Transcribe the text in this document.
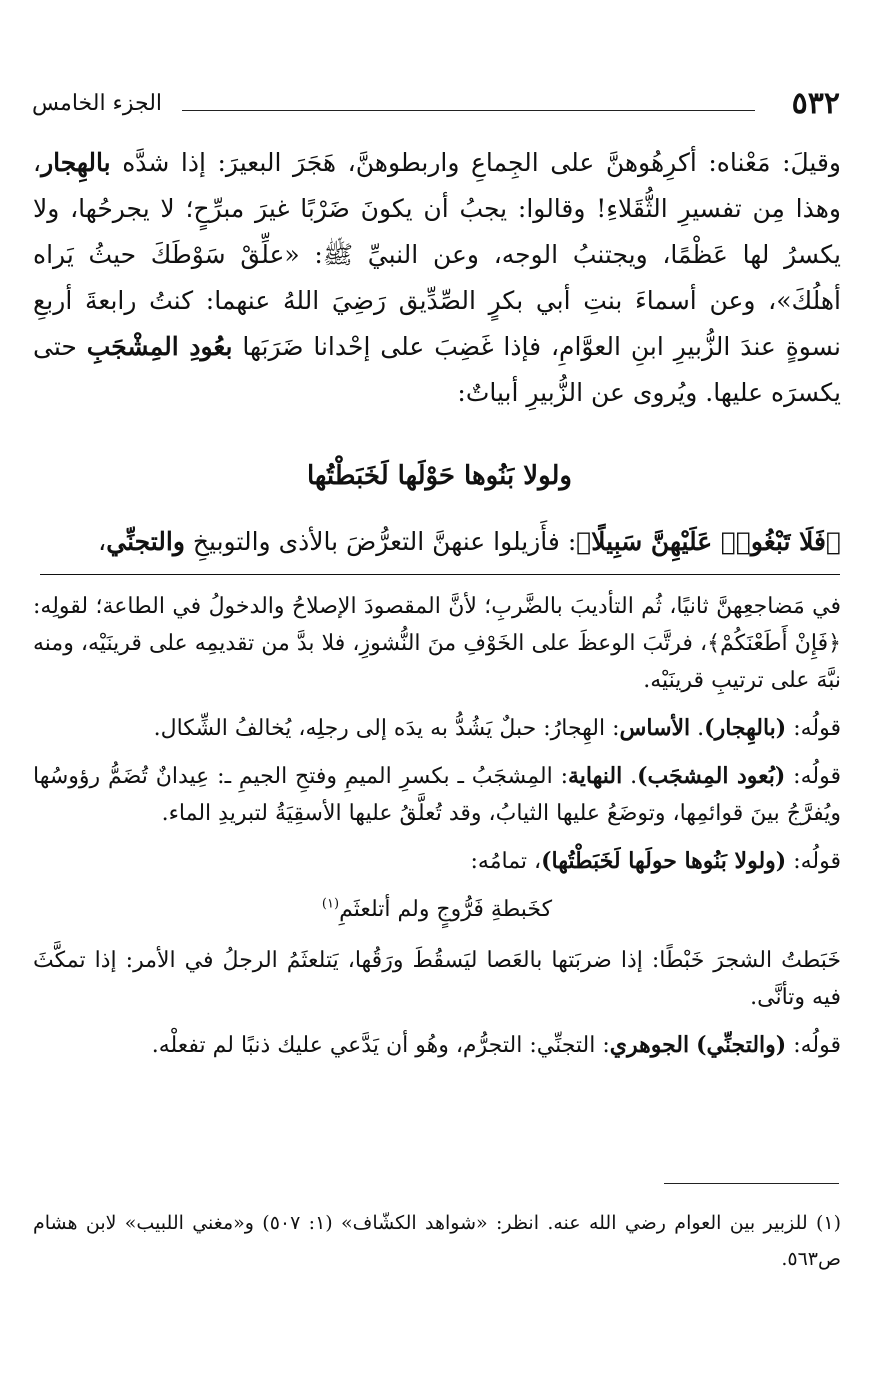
٥٣٢
الجزء الخامس

وقيلَ: مَعْناه: أكرِهُوهنَّ على الجِماعِ واربطوهنَّ، هَجَرَ البعيرَ: إذا شدَّه بالهِجار، وهذا مِن تفسيرِ الثُّقَلاءِ! وقالوا: يجبُ أن يكونَ ضَرْبًا غيرَ مبرِّحٍ؛ لا يجرحُها، ولا يكسرُ لها عَظْمًا، ويجتنبُ الوجه، وعن النبيِّ ﷺ: «علِّقْ سَوْطَكَ حيثُ يَراه أهلُكَ»، وعن أسماءَ بنتِ أبي بكرٍ الصِّدِّيق رَضِيَ اللهُ عنهما: كنتُ رابعةَ أربعِ نسوةٍ عندَ الزُّبيرِ ابنِ العوَّامِ، فإذا غَضِبَ على إحْدانا ضَرَبَها بعُودِ المِشْجَبِ حتى يكسرَه عليها. ويُروى عن الزُّبيرِ أبياتٌ:

ولولا بَنُوها حَوْلَها لَخَبَطْتُها
﴿فَلَا تَبْغُوا۟ عَلَيْهِنَّ سَبِيلًا﴾: فأَزيلوا عنهنَّ التعرُّضَ بالأذى والتوبيخِ والتجنِّي،

في مَضاجعِهنَّ ثانيًا، ثُم التأديبَ بالضَّربِ؛ لأنَّ المقصودَ الإصلاحُ والدخولُ في الطاعة؛ لقولِه: ﴿فَإِنْ أَطَعْنَكُمْ﴾، فرتَّبَ الوعظَ على الخَوْفِ منَ النُّشوزِ، فلا بدَّ من تقديمِه على قرينَيْه، ومنه نبَّهَ على ترتيبِ قرينَيْه.

قولُه: (بالهِجار). الأساس: الهِجارُ: حبلٌ يَشُدُّ به يدَه إلى رجلِه، يُخالفُ الشِّكال.

قولُه: (بُعود المِشجَب). النهاية: المِشجَبُ ـ بكسرِ الميمِ وفتحِ الجيمِ ـ: عِيدانٌ تُضَمُّ رؤوسُها ويُفرَّجُ بينَ قوائمِها، وتوضَعُ عليها الثيابُ، وقد تُعلَّقُ عليها الأسقِيَةُ لتبريدِ الماء.

قولُه: (ولولا بَنُوها حولَها لَخَبَطْتُها)، تمامُه:

كخَبطةِ فَرُّوجٍ ولم أتلعثَمِ$^{(١)}$

خَبَطتُ الشجرَ خَبْطًا: إذا ضربَتها بالعَصا ليَسقُطَ ورَقُها، يَتلعثَمُ الرجلُ في الأمر: إذا تمكَّثَ فيه وتأنَّى.

قولُه: (والتجنِّي) الجوهري: التجنِّي: التجرُّم، وهُو أن يَدَّعي عليك ذنبًا لم تفعلْه.

(١) للزبير بين العوام رضي الله عنه. انظر: «شواهد الكشّاف» (١: ٥٠٧) و«مغني اللبيب» لابن هشام ص٥٦٣.
